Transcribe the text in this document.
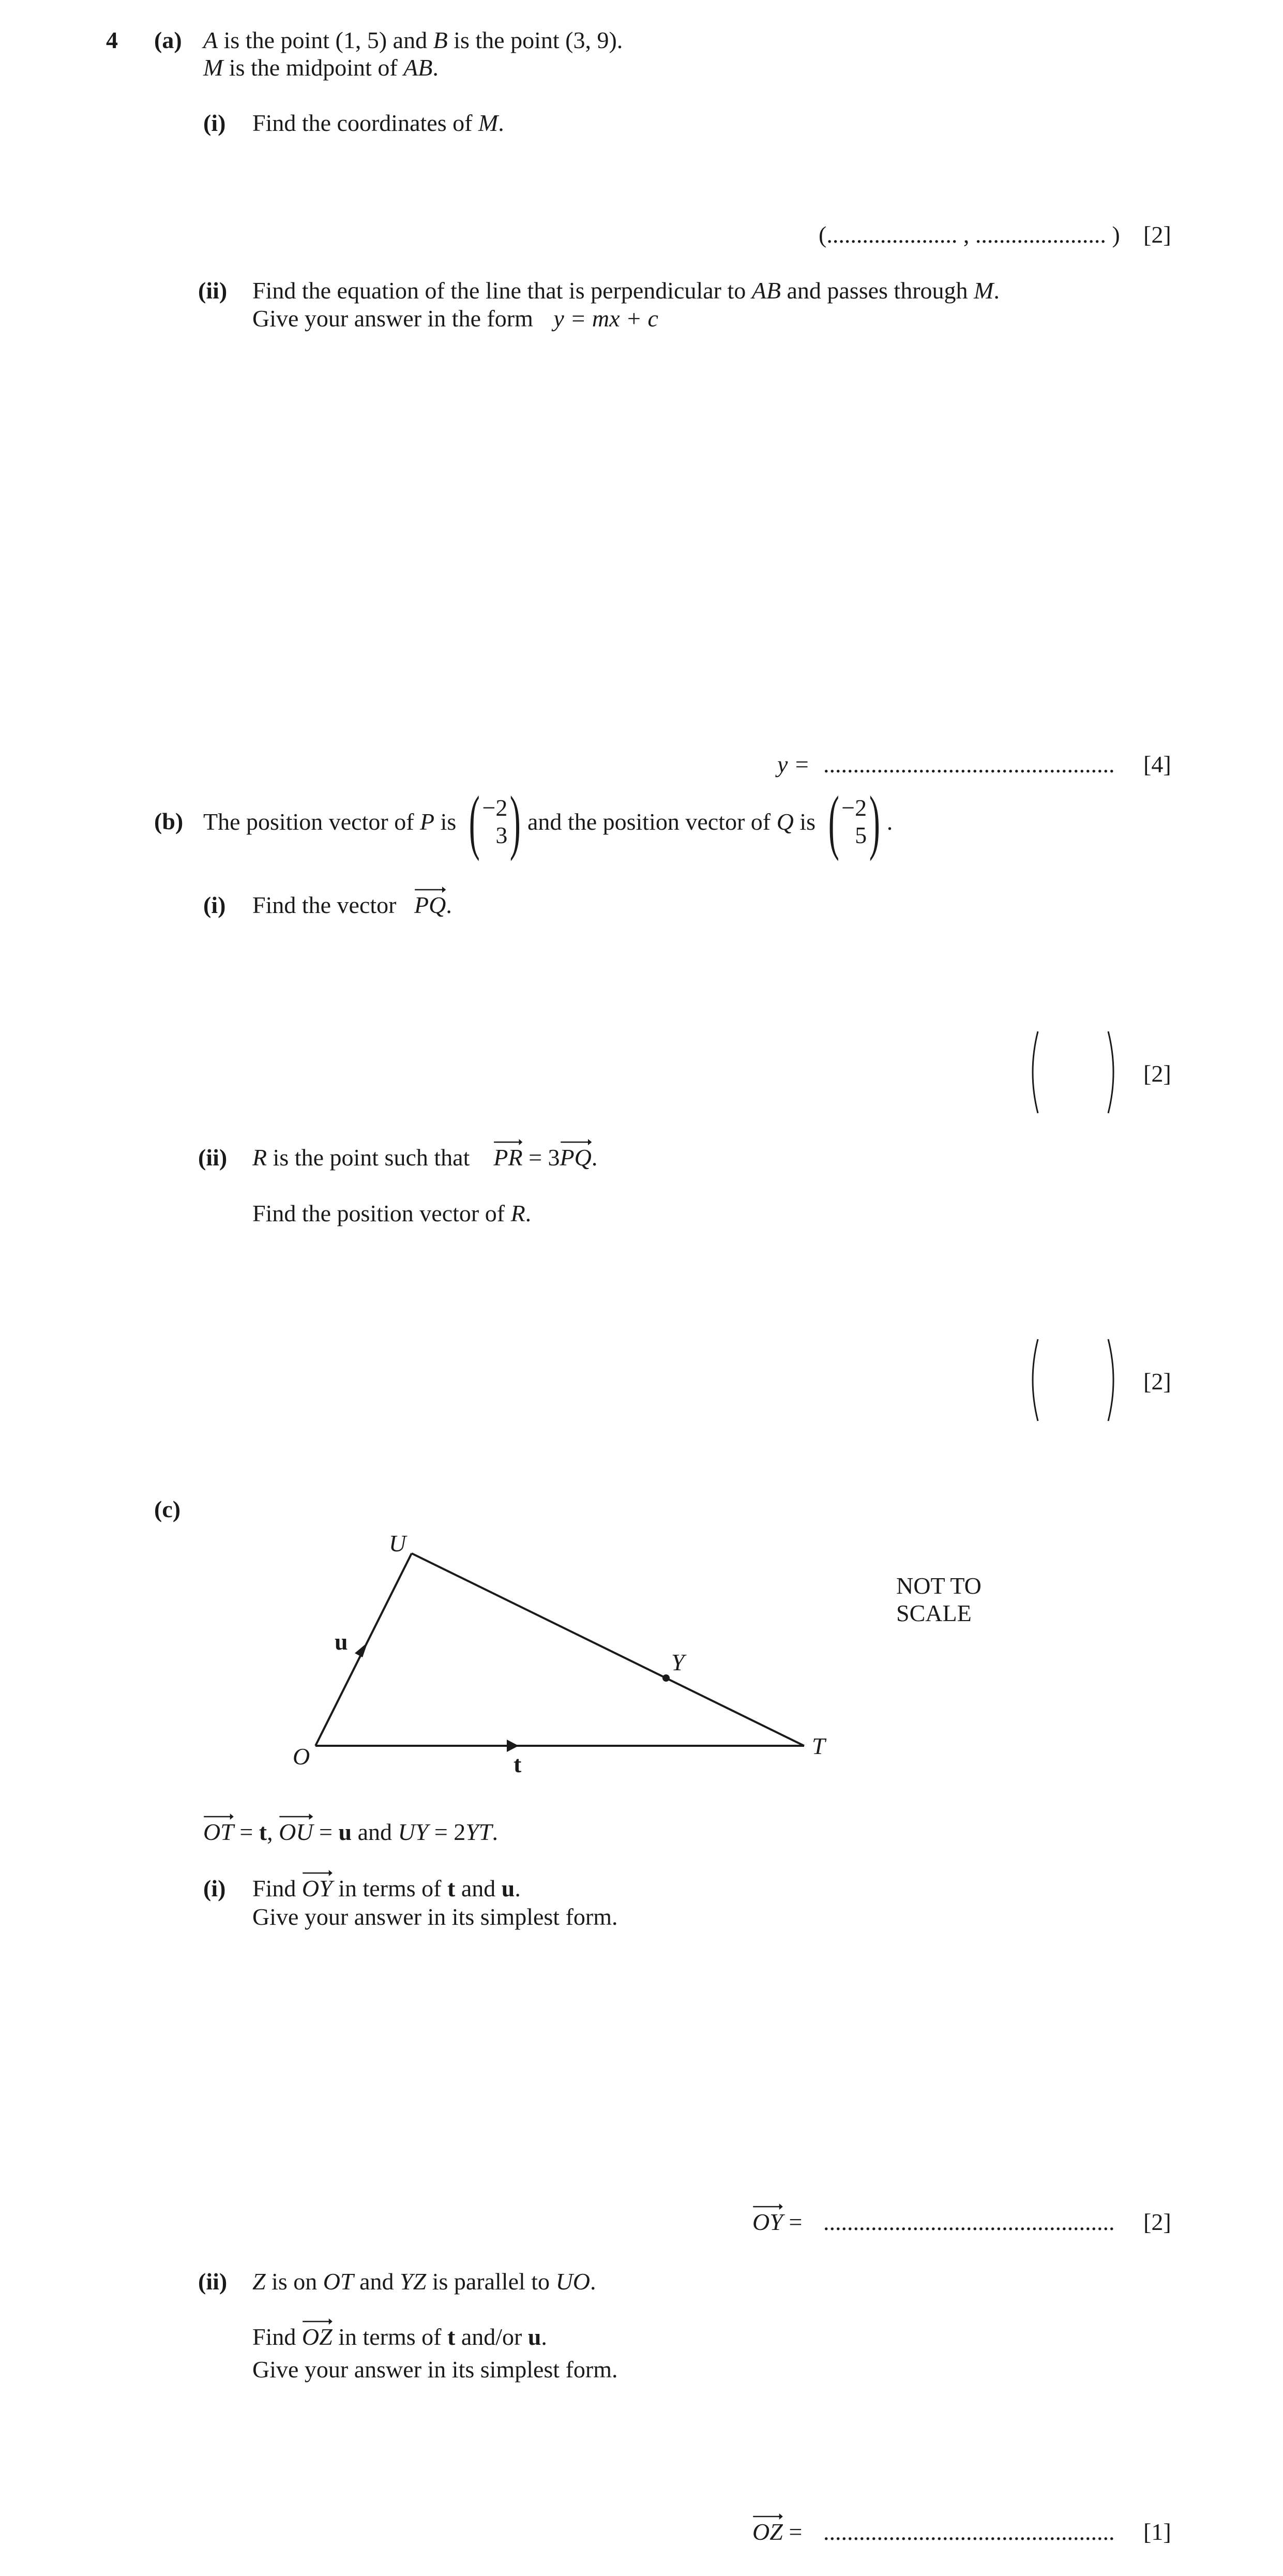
4 (a) A is the point (1, 5) and B is the point (3, 9).
M is the midpoint of AB.
(i) Find the coordinates of M.
(...................... , ...................... ) [2]
(ii) Find the equation of the line that is perpendicular to AB and passes through M.
Give your answer in the form y = mx + c
y = ................................................. [4]
(b) The position vector of
P
is
( −2
3 ) and the position vector of
Q
is
( −2
5 ) .
(i) Find the vector PQ.
[2]
(ii) R is the point such that PR = 3
PQ.
Find the position vector of R.
[2]
(c)
U
O	T
Y
u
t
NOT TO
SCALE
OT = t,
OU = u and UY = 2YT.
(i) Find OY in terms of t and u.
Give your answer in its simplest form.
OY = ................................................. [2]
(ii) Z is on OT and YZ is parallel to UO.
Find OZ in terms of t and/or u.
Give your answer in its simplest form.
OZ = ................................................. [1]
